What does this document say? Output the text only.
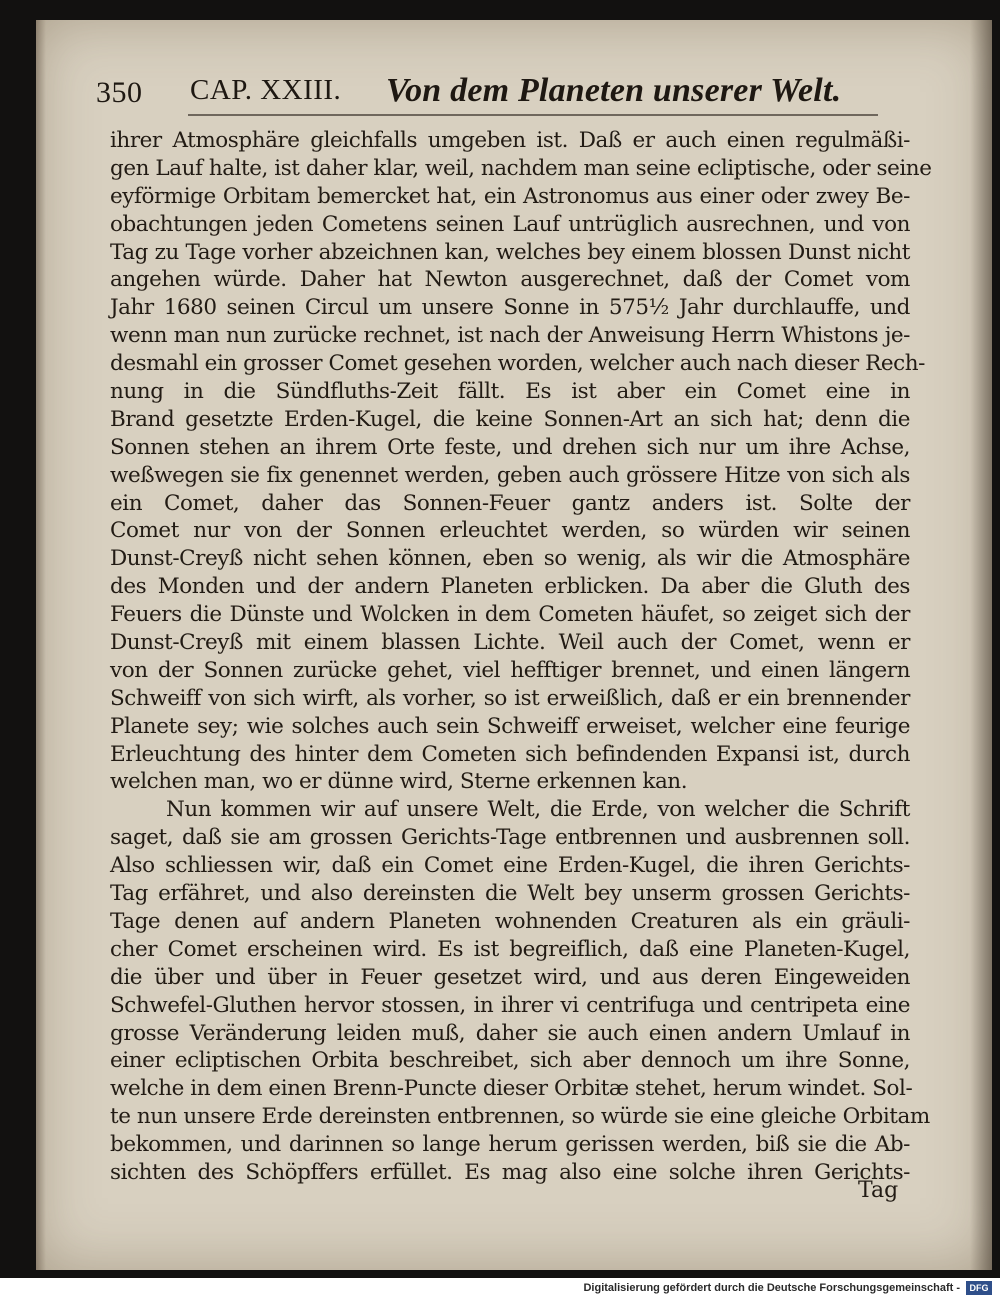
350 CAP. XXIII. Von dem Planeten unserer Welt.
ihrer Atmosphäre gleichfalls umgeben ist. Daß er auch einen regulmäßi-
gen Lauf halte, ist daher klar, weil, nachdem man seine ecliptische, oder seine
eyförmige Orbitam bemercket hat, ein Astronomus aus einer oder zwey Be-
obachtungen jeden Cometens seinen Lauf untrüglich ausrechnen, und von
Tag zu Tage vorher abzeichnen kan, welches bey einem blossen Dunst nicht
angehen würde. Daher hat Newton ausgerechnet, daß der Comet vom
Jahr 1680 seinen Circul um unsere Sonne in 575½ Jahr durchlauffe, und
wenn man nun zurücke rechnet, ist nach der Anweisung Herrn Whistons je-
desmahl ein grosser Comet gesehen worden, welcher auch nach dieser Rech-
nung in die Sündfluths-Zeit fällt. Es ist aber ein Comet eine in
Brand gesetzte Erden-Kugel, die keine Sonnen-Art an sich hat; denn die
Sonnen stehen an ihrem Orte feste, und drehen sich nur um ihre Achse,
weßwegen sie fix genennet werden, geben auch grössere Hitze von sich als
ein Comet, daher das Sonnen-Feuer gantz anders ist. Solte der
Comet nur von der Sonnen erleuchtet werden, so würden wir seinen
Dunst-Creyß nicht sehen können, eben so wenig, als wir die Atmosphäre
des Monden und der andern Planeten erblicken. Da aber die Gluth des
Feuers die Dünste und Wolcken in dem Cometen häufet, so zeiget sich der
Dunst-Creyß mit einem blassen Lichte. Weil auch der Comet, wenn er
von der Sonnen zurücke gehet, viel hefftiger brennet, und einen längern
Schweiff von sich wirft, als vorher, so ist erweißlich, daß er ein brennender
Planete sey; wie solches auch sein Schweiff erweiset, welcher eine feurige
Erleuchtung des hinter dem Cometen sich befindenden Expansi ist, durch
welchen man, wo er dünne wird, Sterne erkennen kan.
Nun kommen wir auf unsere Welt, die Erde, von welcher die Schrift
saget, daß sie am grossen Gerichts-Tage entbrennen und ausbrennen soll.
Also schliessen wir, daß ein Comet eine Erden-Kugel, die ihren Gerichts-
Tag erfähret, und also dereinsten die Welt bey unserm grossen Gerichts-
Tage denen auf andern Planeten wohnenden Creaturen als ein gräuli-
cher Comet erscheinen wird. Es ist begreiflich, daß eine Planeten-Kugel,
die über und über in Feuer gesetzet wird, und aus deren Eingeweiden
Schwefel-Gluthen hervor stossen, in ihrer vi centrifuga und centripeta eine
grosse Veränderung leiden muß, daher sie auch einen andern Umlauf in
einer ecliptischen Orbita beschreibet, sich aber dennoch um ihre Sonne,
welche in dem einen Brenn-Puncte dieser Orbitæ stehet, herum windet. Sol-
te nun unsere Erde dereinsten entbrennen, so würde sie eine gleiche Orbitam
bekommen, und darinnen so lange herum gerissen werden, biß sie die Ab-
sichten des Schöpffers erfüllet. Es mag also eine solche ihren Gerichts-
Tag
Digitalisierung gefördert durch die Deutsche Forschungsgemeinschaft -	DFG
